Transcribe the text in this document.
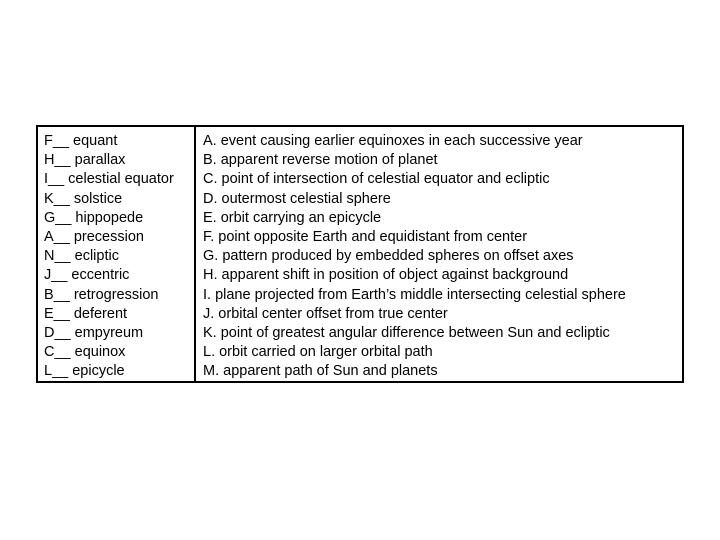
F__ equant
H__ parallax
I__ celestial equator
K__ solstice
G__ hippopede
A__ precession
N__ ecliptic
J__ eccentric
B__ retrogression
E__ deferent
D__ empyreum
C__ equinox
L__ epicycle
A. event causing earlier equinoxes in each successive year
B. apparent reverse motion of planet
C. point of intersection of celestial equator and ecliptic
D. outermost celestial sphere
E. orbit carrying an epicycle
F. point opposite Earth and equidistant from center
G. pattern produced by embedded spheres on offset axes
H. apparent shift in position of object against background
I. plane projected from Earth’s middle intersecting celestial sphere
J. orbital center offset from true center
K. point of greatest angular difference between Sun and ecliptic
L. orbit carried on larger orbital path
M. apparent path of Sun and planets
